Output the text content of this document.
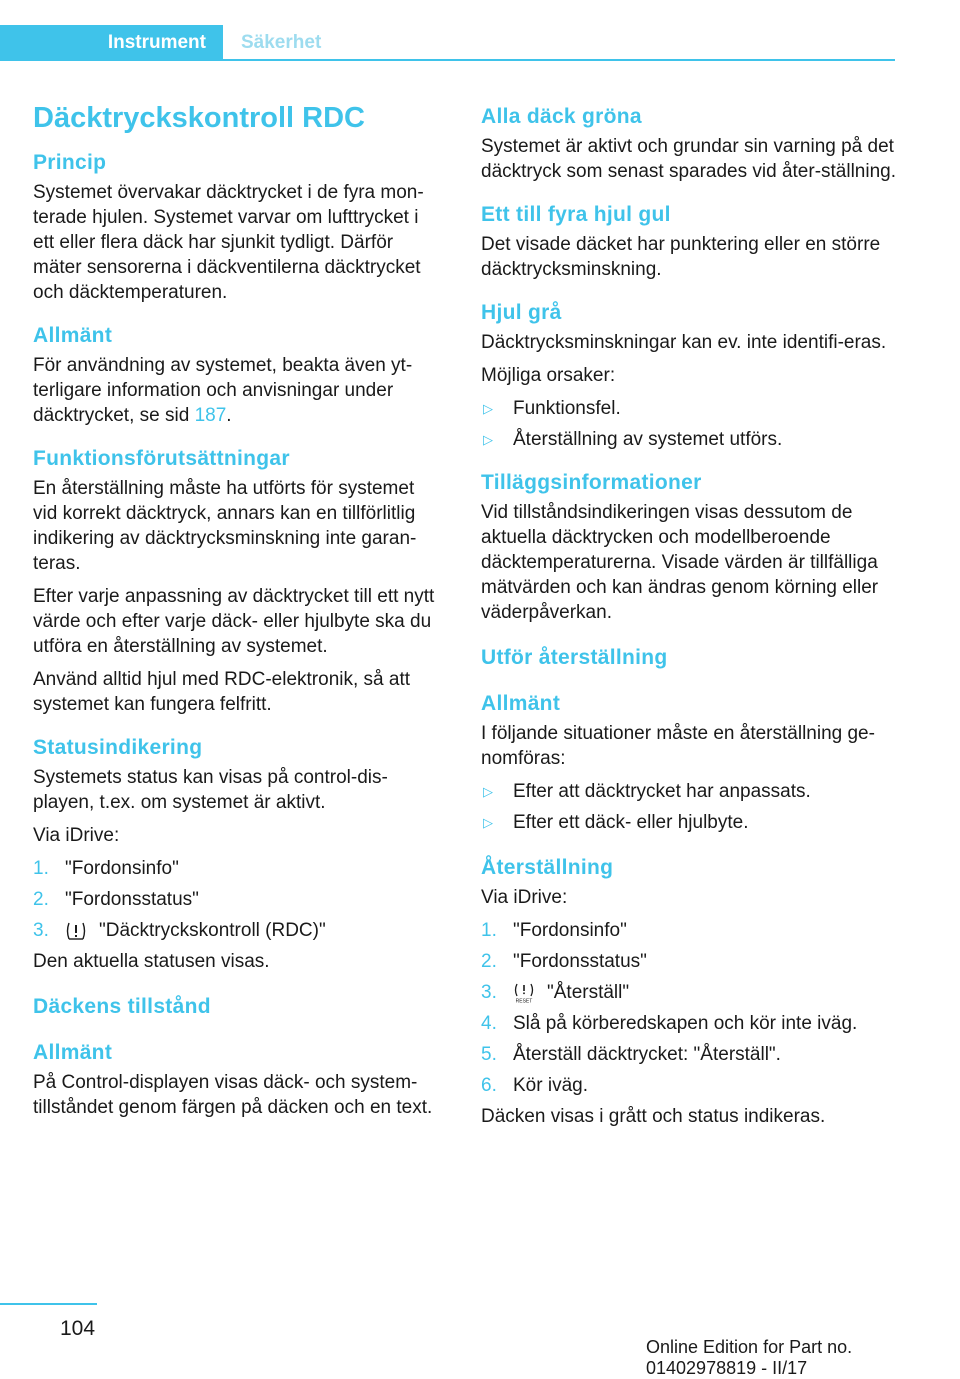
Instrument	Säkerhet
Däcktryckskontroll RDC
Princip

Systemet övervakar däcktrycket i de fyra mon-terade hjulen. Systemet varvar om lufttrycket i ett eller flera däck har sjunkit tydligt. Därför mäter sensorerna i däckventilerna däcktrycket och däcktemperaturen.

Allmänt

För användning av systemet, beakta även yt-terligare information och anvisningar under däcktrycket, se sid 187.

Funktionsförutsättningar

En återställning måste ha utförts för systemet vid korrekt däcktryck, annars kan en tillförlitlig indikering av däcktrycksminskning inte garan-teras.

Efter varje anpassning av däcktrycket till ett nytt värde och efter varje däck- eller hjulbyte ska du utföra en återställning av systemet.

Använd alltid hjul med RDC-elektronik, så att systemet kan fungera felfritt.

Statusindikering

Systemets status kan visas på control-dis-playen, t.ex. om systemet är aktivt.

Via iDrive:

1. "Fordonsinfo"
2. "Fordonsstatus"
3.	"Däcktryckskontroll (RDC)"

Den aktuella statusen visas.

Däckens tillstånd
Allmänt

På Control-displayen visas däck- och system-tillståndet genom färgen på däcken och en text.

Alla däck gröna

Systemet är aktivt och grundar sin varning på det däcktryck som senast sparades vid åter-ställning.

Ett till fyra hjul gul

Det visade däcket har punktering eller en större däcktrycksminskning.

Hjul grå

Däcktrycksminskningar kan ev. inte identifi-eras.

Möjliga orsaker:

▷	Funktionsfel.
▷	Återställning av systemet utförs.
Tilläggsinformationer

Vid tillståndsindikeringen visas dessutom de aktuella däcktrycken och modellberoende däcktemperaturerna. Visade värden är tillfälliga mätvärden och kan ändras genom körning eller väderpåverkan.

Utför återställning
Allmänt

I följande situationer måste en återställning ge-nomföras:

▷	Efter att däcktrycket har anpassats.
▷	Efter ett däck- eller hjulbyte.
Återställning

Via iDrive:

1. "Fordonsinfo"
2. "Fordonsstatus"
3.	RESET "Återställ"
4. Slå på körberedskapen och kör inte iväg.
5. Återställ däcktrycket: "Återställ".
6. Kör iväg.

Däcken visas i grått och status indikeras.

104
Online Edition for Part no. 01402978819 - II/17
